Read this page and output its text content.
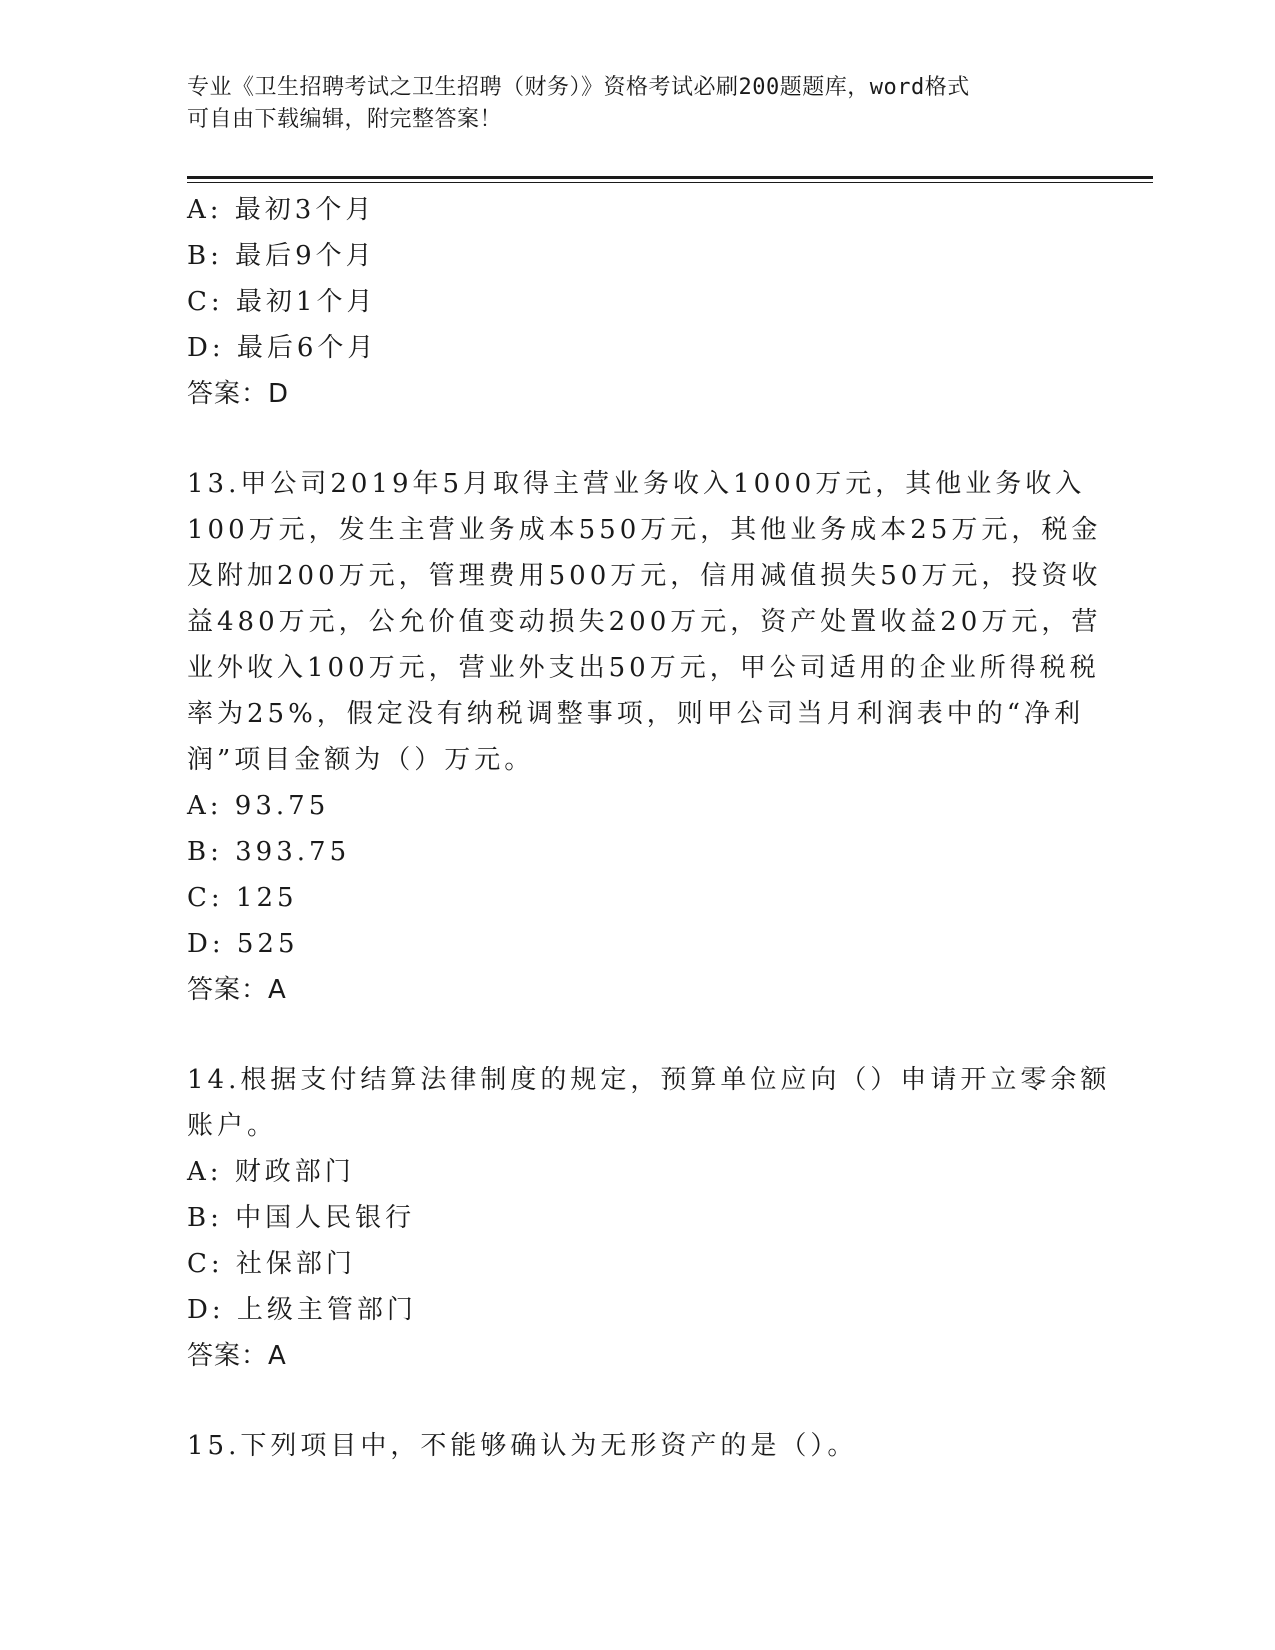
专业《卫生招聘考试之卫生招聘（财务）》资格考试必刷200题题库，word格式
可自由下载编辑，附完整答案！
A: 最初3个月
B: 最后9个月
C: 最初1个月
D: 最后6个月
答案：D
13.甲公司2019年5月取得主营业务收入1000万元，其他业务收入
100万元，发生主营业务成本550万元，其他业务成本25万元，税金
及附加200万元，管理费用500万元，信用减值损失50万元，投资收
益480万元，公允价值变动损失200万元，资产处置收益20万元，营
业外收入100万元，营业外支出50万元，甲公司适用的企业所得税税
率为25%，假定没有纳税调整事项，则甲公司当月利润表中的“净利
润”项目金额为（）万元。
A: 93.75
B: 393.75
C: 125
D: 525
答案：A
14.根据支付结算法律制度的规定，预算单位应向（）申请开立零余额
账户。
A: 财政部门
B: 中国人民银行
C: 社保部门
D: 上级主管部门
答案：A
15.下列项目中，不能够确认为无形资产的是（）。
